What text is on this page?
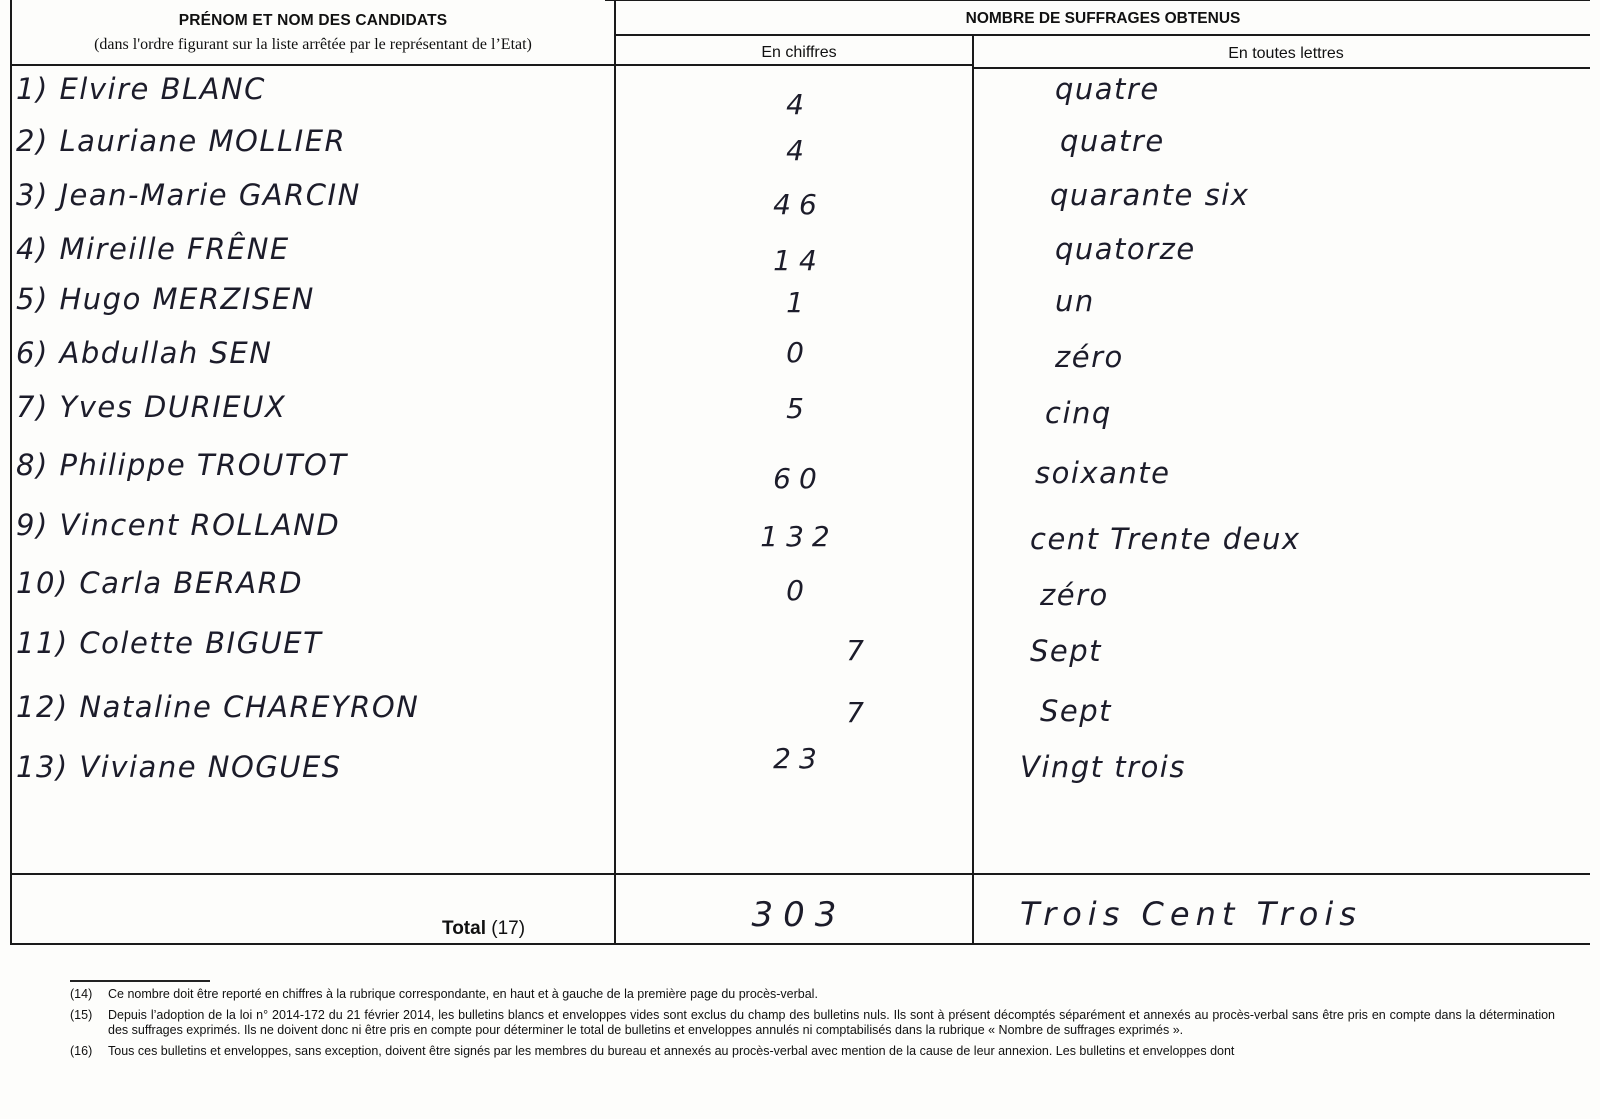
PRÉNOM ET NOM DES CANDIDATS
(dans l'ordre figurant sur la liste arrêtée par le représentant de l’Etat)
NOMBRE DE SUFFRAGES OBTENUS
En chiffres	En toutes lettres
1) Elvire BLANC	4	quatre
2) Lauriane MOLLIER	4	quatre
3) Jean-Marie GARCIN	46	quarante six
4) Mireille FRÊNE	14	quatorze
5) Hugo MERZISEN	1	un
6) Abdullah SEN	0	zéro
7) Yves DURIEUX	5	cinq
8) Philippe TROUTOT	60	soixante
9) Vincent ROLLAND	132	cent Trente deux
10) Carla BERARD	0	zéro
11) Colette BIGUET	7	Sept
12) Nataline CHAREYRON	7	Sept
13) Viviane NOGUES	23	Vingt trois
Total (17)	303	Trois Cent Trois
(14) Ce nombre doit être reporté en chiffres à la rubrique correspondante, en haut et à gauche de la première page du procès-verbal.
(15) Depuis l’adoption de la loi n° 2014-172 du 21 février 2014, les bulletins blancs et enveloppes vides sont exclus du champ des bulletins nuls. Ils sont à présent décomptés séparément et annexés au procès-verbal sans être pris en compte dans la détermination des suffrages exprimés. Ils ne doivent donc ni être pris en compte pour déterminer le total de bulletins et enveloppes annulés ni comptabilisés dans la rubrique « Nombre de suffrages exprimés ».
(16) Tous ces bulletins et enveloppes, sans exception, doivent être signés par les membres du bureau et annexés au procès-verbal avec mention de la cause de leur annexion. Les bulletins et enveloppes dont
